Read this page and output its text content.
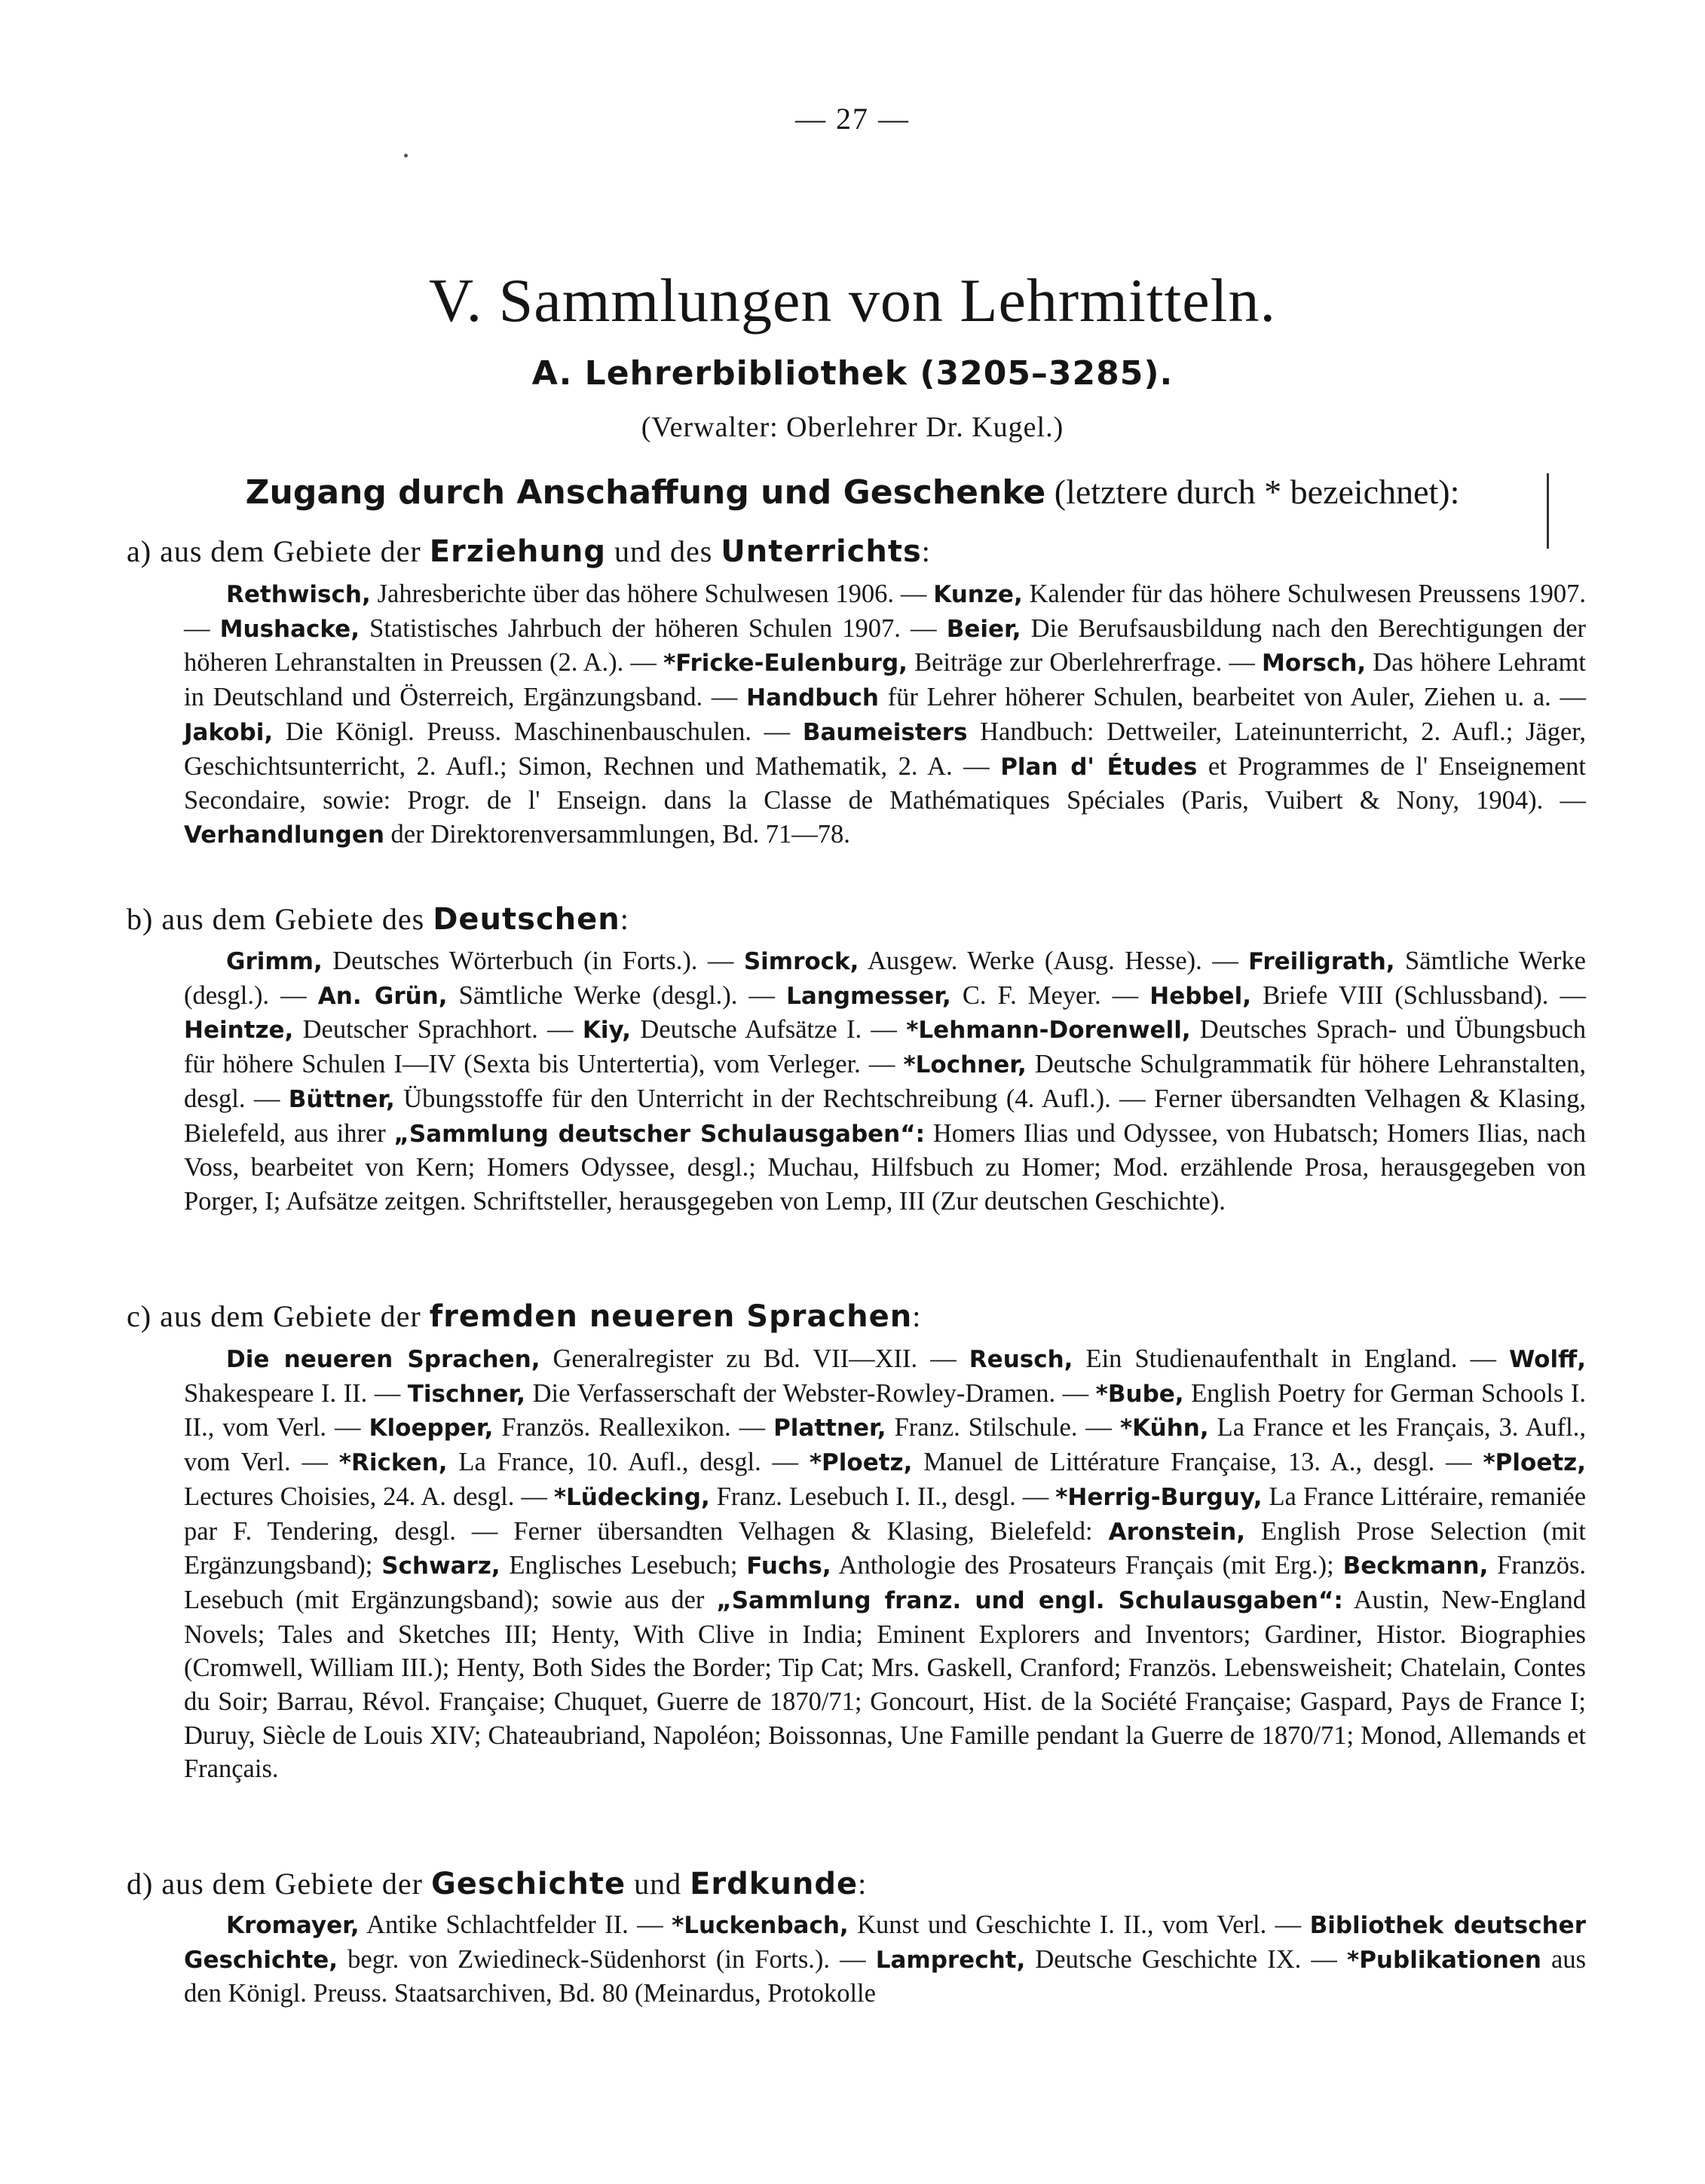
— 27 —
V. Sammlungen von Lehrmitteln.
A. Lehrerbibliothek (3205–3285).
(Verwalter: Oberlehrer Dr. Kugel.)
Zugang durch Anschaffung und Geschenke (letztere durch * bezeichnet):
a) aus dem Gebiete der Erziehung und des Unterrichts:
Rethwisch, Jahresberichte über das höhere Schulwesen 1906. — Kunze, Kalender für das höhere Schulwesen Preussens 1907. — Mushacke, Statistisches Jahrbuch der höheren Schulen 1907. — Beier, Die Berufsausbildung nach den Berechtigungen der höheren Lehranstalten in Preussen (2. A.). — *Fricke-Eulenburg, Beiträge zur Oberlehrerfrage. — Morsch, Das höhere Lehramt in Deutschland und Österreich, Ergänzungsband. — Handbuch für Lehrer höherer Schulen, bearbeitet von Auler, Ziehen u. a. — Jakobi, Die Königl. Preuss. Maschinenbauschulen. — Baumeisters Handbuch: Dettweiler, Lateinunterricht, 2. Aufl.; Jäger, Geschichtsunterricht, 2. Aufl.; Simon, Rechnen und Mathematik, 2. A. — Plan d' Études et Programmes de l' Enseignement Secondaire, sowie: Progr. de l' Enseign. dans la Classe de Mathématiques Spéciales (Paris, Vuibert & Nony, 1904). — Verhandlungen der Direktorenversammlungen, Bd. 71—78.
b) aus dem Gebiete des Deutschen:
Grimm, Deutsches Wörterbuch (in Forts.). — Simrock, Ausgew. Werke (Ausg. Hesse). — Freiligrath, Sämtliche Werke (desgl.). — An. Grün, Sämtliche Werke (desgl.). — Langmesser, C. F. Meyer. — Hebbel, Briefe VIII (Schlussband). — Heintze, Deutscher Sprachhort. — Kiy, Deutsche Aufsätze I. — *Lehmann-Dorenwell, Deutsches Sprach- und Übungsbuch für höhere Schulen I—IV (Sexta bis Untertertia), vom Verleger. — *Lochner, Deutsche Schulgrammatik für höhere Lehranstalten, desgl. — Büttner, Übungsstoffe für den Unterricht in der Rechtschreibung (4. Aufl.). — Ferner übersandten Velhagen & Klasing, Bielefeld, aus ihrer „Sammlung deutscher Schulausgaben“: Homers Ilias und Odyssee, von Hubatsch; Homers Ilias, nach Voss, bearbeitet von Kern; Homers Odyssee, desgl.; Muchau, Hilfsbuch zu Homer; Mod. erzählende Prosa, herausgegeben von Porger, I; Aufsätze zeitgen. Schriftsteller, herausgegeben von Lemp, III (Zur deutschen Geschichte).
c) aus dem Gebiete der fremden neueren Sprachen:
Die neueren Sprachen, Generalregister zu Bd. VII—XII. — Reusch, Ein Studienaufenthalt in England. — Wolff, Shakespeare I. II. — Tischner, Die Verfasserschaft der Webster-Rowley-Dramen. — *Bube, English Poetry for German Schools I. II., vom Verl. — Kloepper, Französ. Reallexikon. — Plattner, Franz. Stilschule. — *Kühn, La France et les Français, 3. Aufl., vom Verl. — *Ricken, La France, 10. Aufl., desgl. — *Ploetz, Manuel de Littérature Française, 13. A., desgl. — *Ploetz, Lectures Choisies, 24. A. desgl. — *Lüdecking, Franz. Lesebuch I. II., desgl. — *Herrig-Burguy, La France Littéraire, remaniée par F. Tendering, desgl. — Ferner übersandten Velhagen & Klasing, Bielefeld: Aronstein, English Prose Selection (mit Ergänzungsband); Schwarz, Englisches Lesebuch; Fuchs, Anthologie des Prosateurs Français (mit Erg.); Beckmann, Französ. Lesebuch (mit Ergänzungsband); sowie aus der „Sammlung franz. und engl. Schulausgaben“: Austin, New-England Novels; Tales and Sketches III; Henty, With Clive in India; Eminent Explorers and Inventors; Gardiner, Histor. Biographies (Cromwell, William III.); Henty, Both Sides the Border; Tip Cat; Mrs. Gaskell, Cranford; Französ. Lebensweisheit; Chatelain, Contes du Soir; Barrau, Révol. Française; Chuquet, Guerre de 1870/71; Goncourt, Hist. de la Société Française; Gaspard, Pays de France I; Duruy, Siècle de Louis XIV; Chateaubriand, Napoléon; Boissonnas, Une Famille pendant la Guerre de 1870/71; Monod, Allemands et Français.
d) aus dem Gebiete der Geschichte und Erdkunde:
Kromayer, Antike Schlachtfelder II. — *Luckenbach, Kunst und Geschichte I. II., vom Verl. — Bibliothek deutscher Geschichte, begr. von Zwiedineck-Südenhorst (in Forts.). — Lamprecht, Deutsche Geschichte IX. — *Publikationen aus den Königl. Preuss. Staatsarchiven, Bd. 80 (Meinardus, Protokolle
